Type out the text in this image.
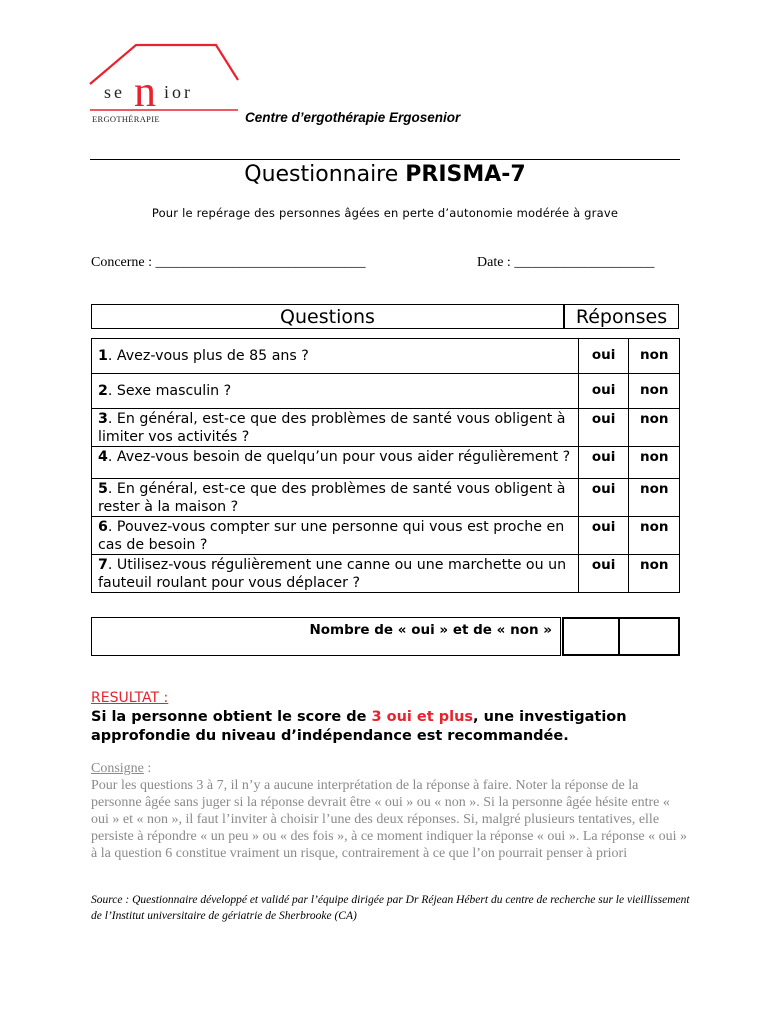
se n ior
ERGOTHÉRAPIE	Centre d’ergothérapie Ergosenior
Questionnaire PRISMA-7
Pour le repérage des personnes âgées en perte d’autonomie modérée à grave
Concerne : ______________________________	Date : ____________________
Questions	Réponses
1. Avez-vous plus de 85 ans ?	oui	non
2. Sexe masculin ?	oui	non
3. En général, est-ce que des problèmes de santé vous obligent à limiter vos activités ?	oui	non
4. Avez-vous besoin de quelqu’un pour vous aider régulièrement ?	oui	non
5. En général, est-ce que des problèmes de santé vous obligent à rester à la maison ?	oui	non
6. Pouvez-vous compter sur une personne qui vous est proche en cas de besoin ?	oui	non
7. Utilisez-vous régulièrement une canne ou une marchette ou un fauteuil roulant pour vous déplacer ?	oui	non
Nombre de « oui » et de « non »
RESULTAT :
Si la personne obtient le score de 3 oui et plus, une investigation approfondie du niveau d’indépendance est recommandée.
Consigne :
Pour les questions 3 à 7, il n’y a aucune interprétation de la réponse à faire. Noter la réponse de la personne âgée sans juger si la réponse devrait être « oui » ou « non ». Si la personne âgée hésite entre « oui » et « non », il faut l’inviter à choisir l’une des deux réponses. Si, malgré plusieurs tentatives, elle persiste à répondre « un peu » ou « des fois », à ce moment indiquer la réponse « oui ». La réponse « oui » à la question 6 constitue vraiment un risque, contrairement à ce que l’on pourrait penser à priori
Source : Questionnaire développé et validé par l’équipe dirigée par Dr Réjean Hébert du centre de recherche sur le vieillissement de l’Institut universitaire de gériatrie de Sherbrooke (CA)
